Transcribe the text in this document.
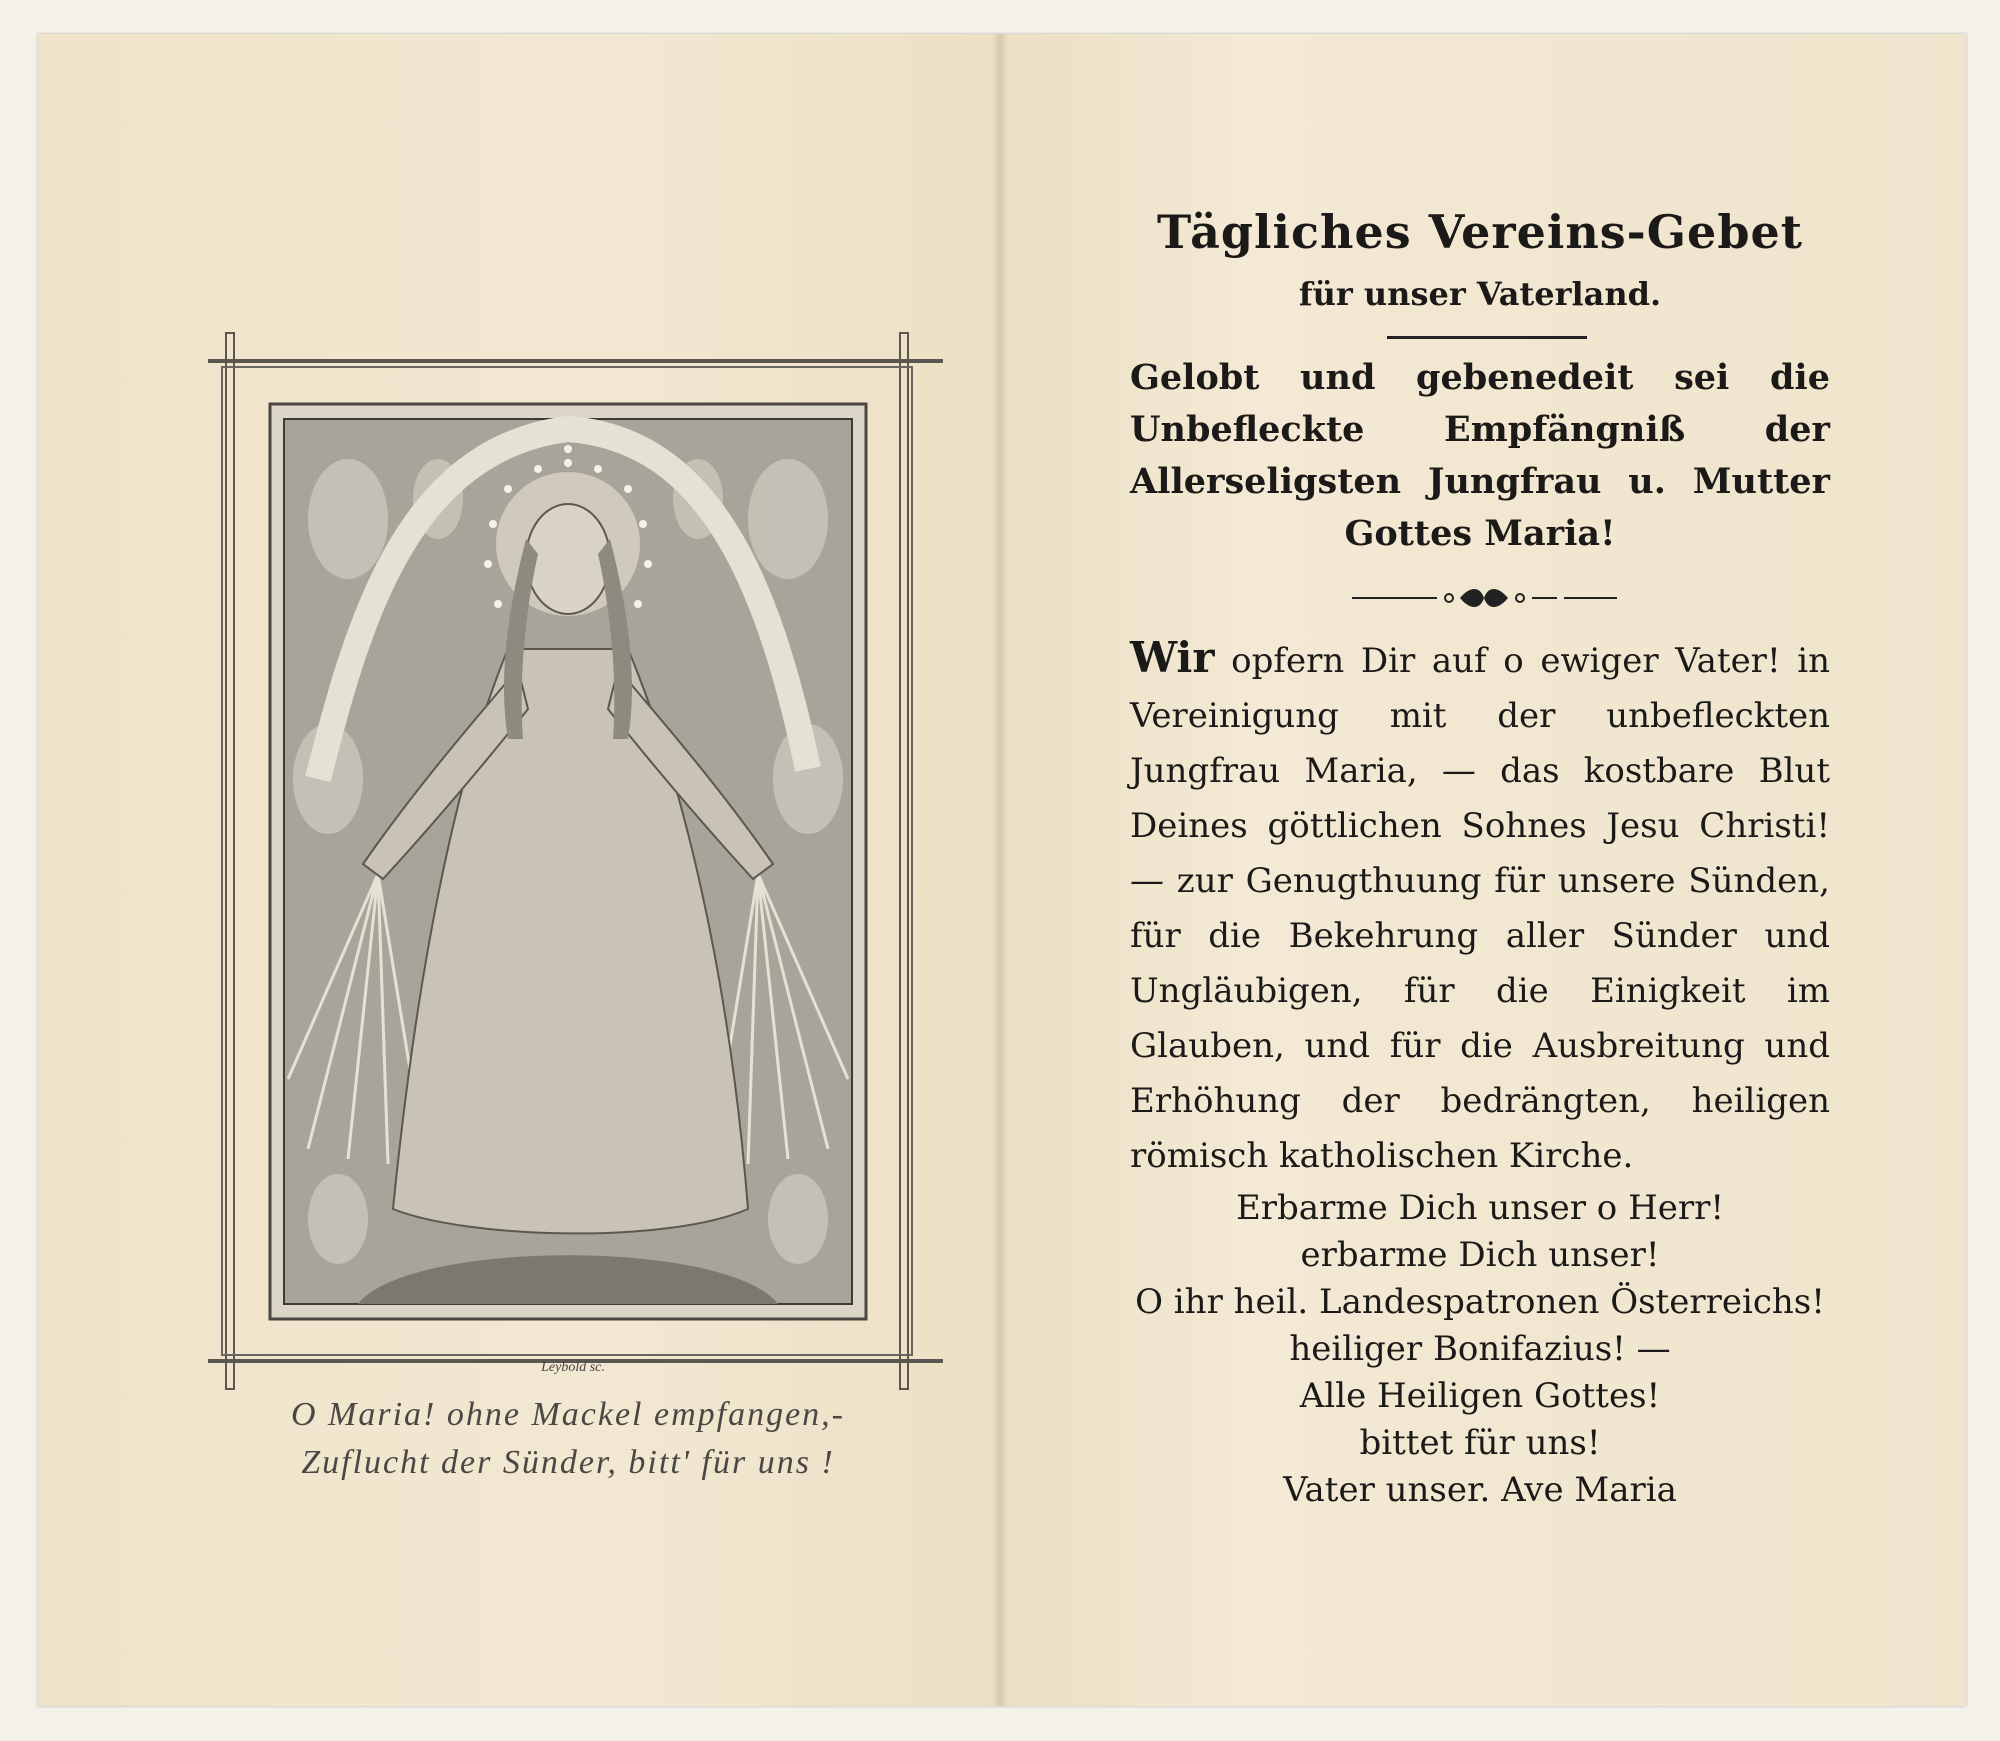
Leybold sc.
O Maria! ohne Mackel empfangen,-
Zuflucht der Sünder, bitt' für uns !
Tägliches Vereins-Gebet
für unser Vaterland.
Gelobt und gebenedeit sei die Unbefleckte Empfängniß der Allerseligsten Jungfrau u. Mutter Gottes Maria!
Wir opfern Dir auf o ewiger Vater! in Vereinigung mit der unbefleckten Jungfrau Maria, — das kostbare Blut Deines göttlichen Sohnes Jesu Christi! — zur Genugthuung für unsere Sünden, für die Bekehrung aller Sünder und Ungläubigen, für die Einigkeit im Glauben, und für die Ausbreitung und Erhöhung der bedrängten, heiligen römisch katholischen Kirche.
Erbarme Dich unser o Herr!
erbarme Dich unser!
O ihr heil. Landespatronen Österreichs!
heiliger Bonifazius! —
Alle Heiligen Gottes!
bittet für uns!
Vater unser. Ave Maria
